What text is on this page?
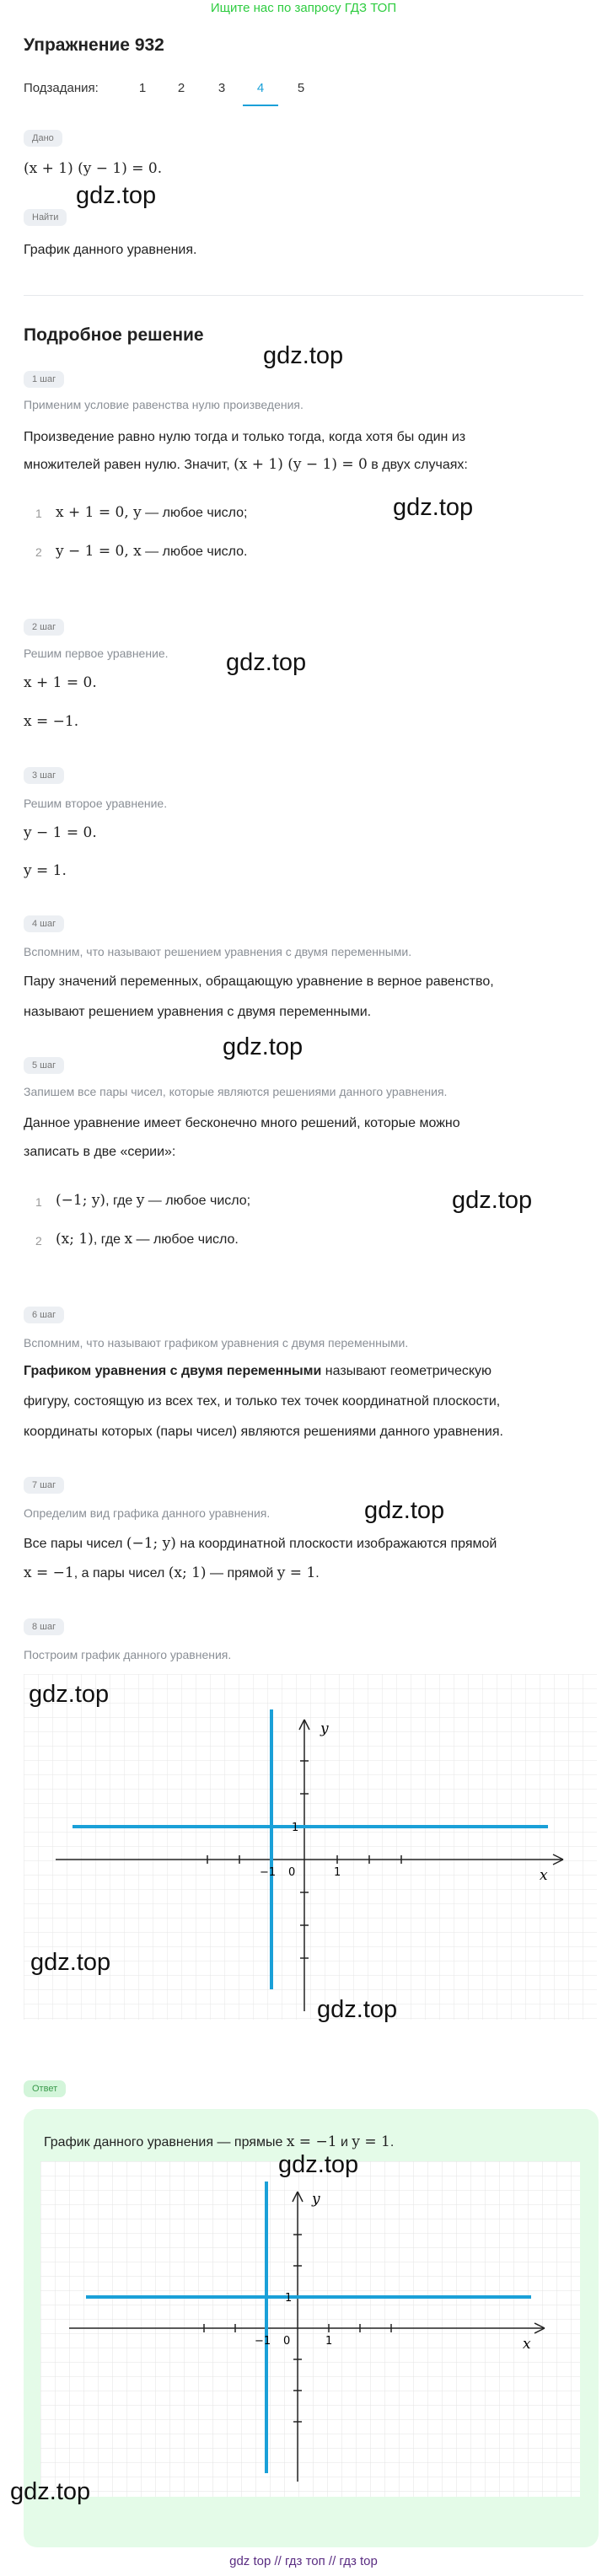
Ищите нас по запросу ГДЗ ТОП
Упражнение 932
Подзадания:	1	2	3	4	5
Дано
(x + 1) (y − 1) = 0.
Найти
График данного уравнения.
Подробное решение
1 шаг
Применим условие равенства нулю произведения.
Произведение равно нулю тогда и только тогда, когда хотя бы один из
множителей равен нулю. Значит, (x + 1) (y − 1) = 0 в двух случаях:
1 x + 1 = 0, y — любое число;
2 y − 1 = 0, x — любое число.
2 шаг
Решим первое уравнение.
x + 1 = 0.
x = −1.
3 шаг
Решим второе уравнение.
y − 1 = 0.
y = 1.
4 шаг
Вспомним, что называют решением уравнения с двумя переменными.
Пару значений переменных, обращающую уравнение в верное равенство,
называют решением уравнения с двумя переменными.
5 шаг
Запишем все пары чисел, которые являются решениями данного уравнения.
Данное уравнение имеет бесконечно много решений, которые можно
записать в две «серии»:
1 (−1; y), где y — любое число;
2 (x; 1), где x — любое число.
6 шаг
Вспомним, что называют графиком уравнения с двумя переменными.
Графиком уравнения с двумя переменными называют геометрическую
фигуру, состоящую из всех тех, и только тех точек координатной плоскости,
координаты которых (пары чисел) являются решениями данного уравнения.
7 шаг
Определим вид графика данного уравнения.
Все пары чисел (−1; y) на координатной плоскости изображаются прямой
x = −1, а пары чисел (x; 1) — прямой y = 1.
8 шаг
Построим график данного уравнения.
y
x
−1 0	1
1
Ответ
График данного уравнения — прямые x = −1 и y = 1.
y
x
−1 0	1
1
gdz.top
gdz.top
gdz.top
gdz.top
gdz.top
gdz.top
gdz.top
gdz.top
gdz.top
gdz.top
gdz.top
gdz.top
gdz top // гдз топ // гдз top
